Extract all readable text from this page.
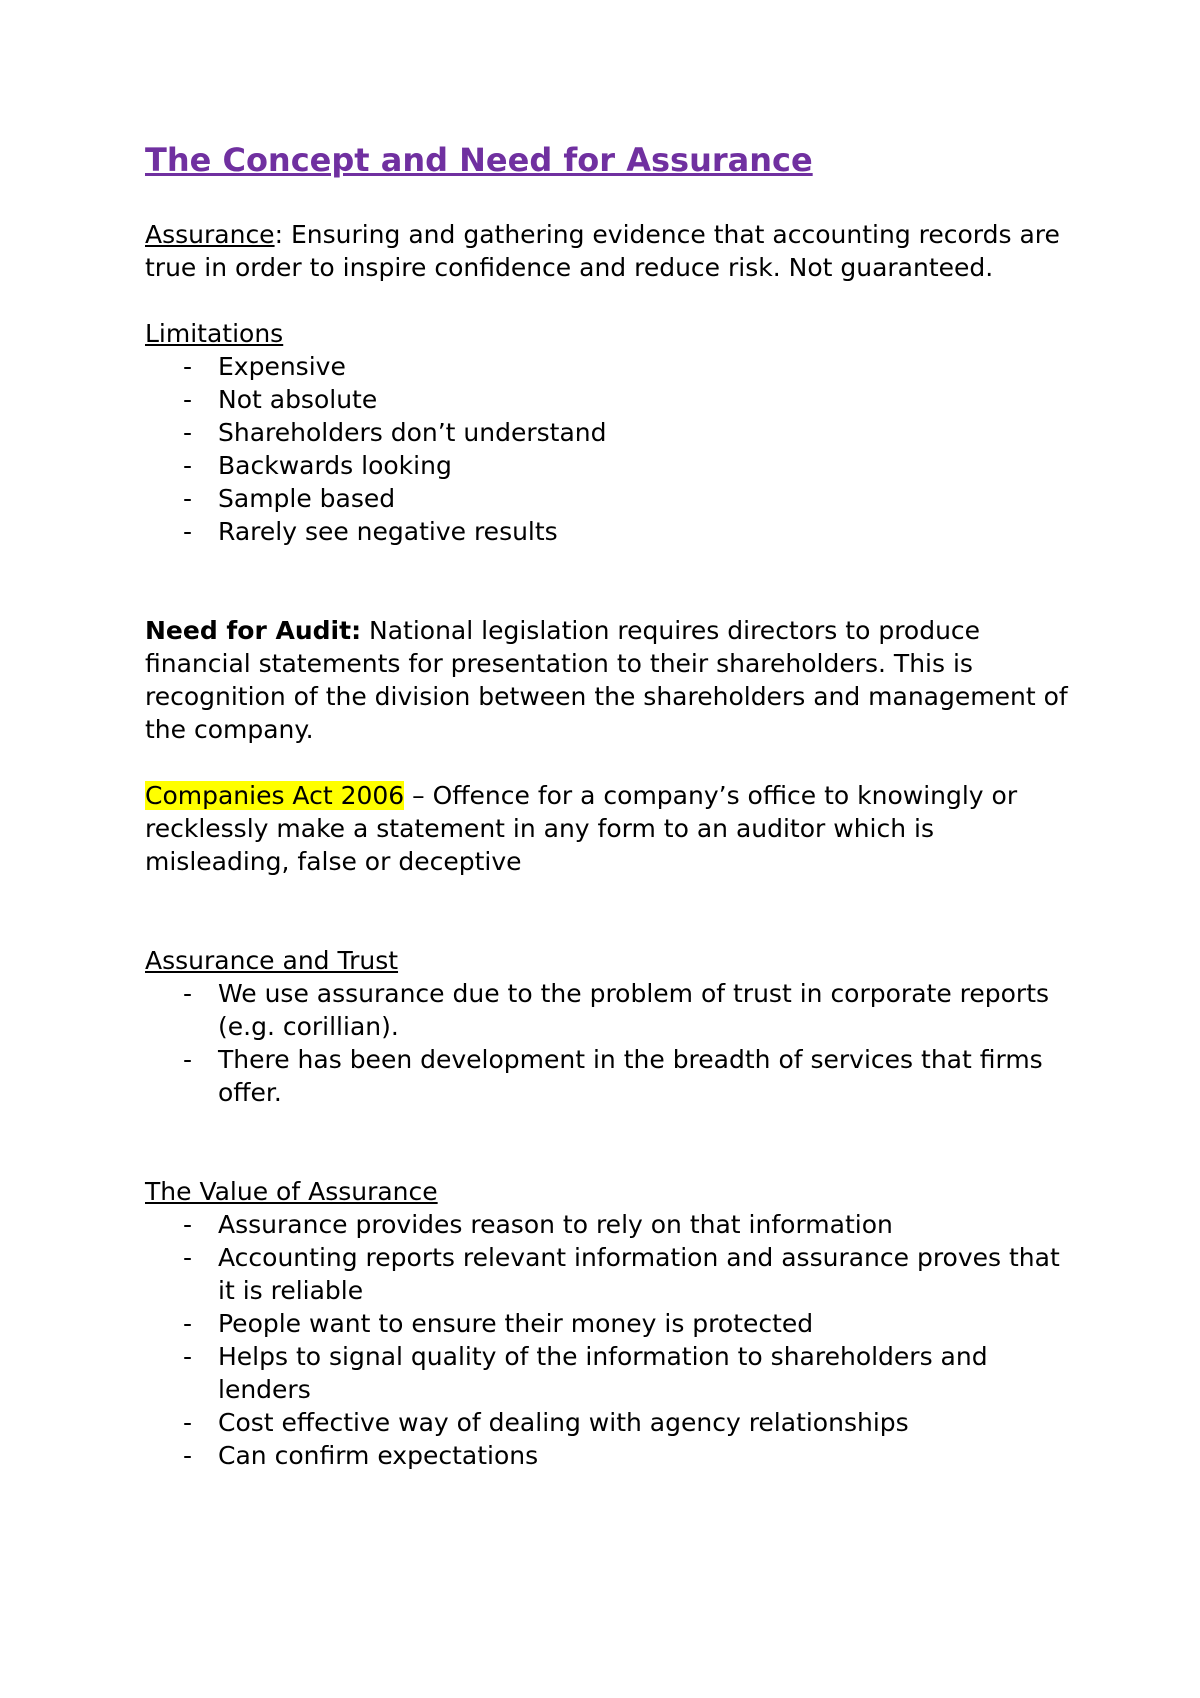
The Concept and Need for Assurance

Assurance: Ensuring and gathering evidence that accounting records are true in order to inspire confidence and reduce risk. Not guaranteed.

Limitations
- Expensive
- Not absolute
- Shareholders don’t understand
- Backwards looking
- Sample based
- Rarely see negative results

Need for Audit: National legislation requires directors to produce financial statements for presentation to their shareholders. This is recognition of the division between the shareholders and management of the company.

Companies Act 2006 – Offence for a company’s office to knowingly or recklessly make a statement in any form to an auditor which is misleading, false or deceptive

Assurance and Trust
- We use assurance due to the problem of trust in corporate reports (e.g. corillian).
- There has been development in the breadth of services that firms offer.
The Value of Assurance
- Assurance provides reason to rely on that information
- Accounting reports relevant information and assurance proves that it is reliable
- People want to ensure their money is protected
- Helps to signal quality of the information to shareholders and lenders
- Cost effective way of dealing with agency relationships
- Can confirm expectations
